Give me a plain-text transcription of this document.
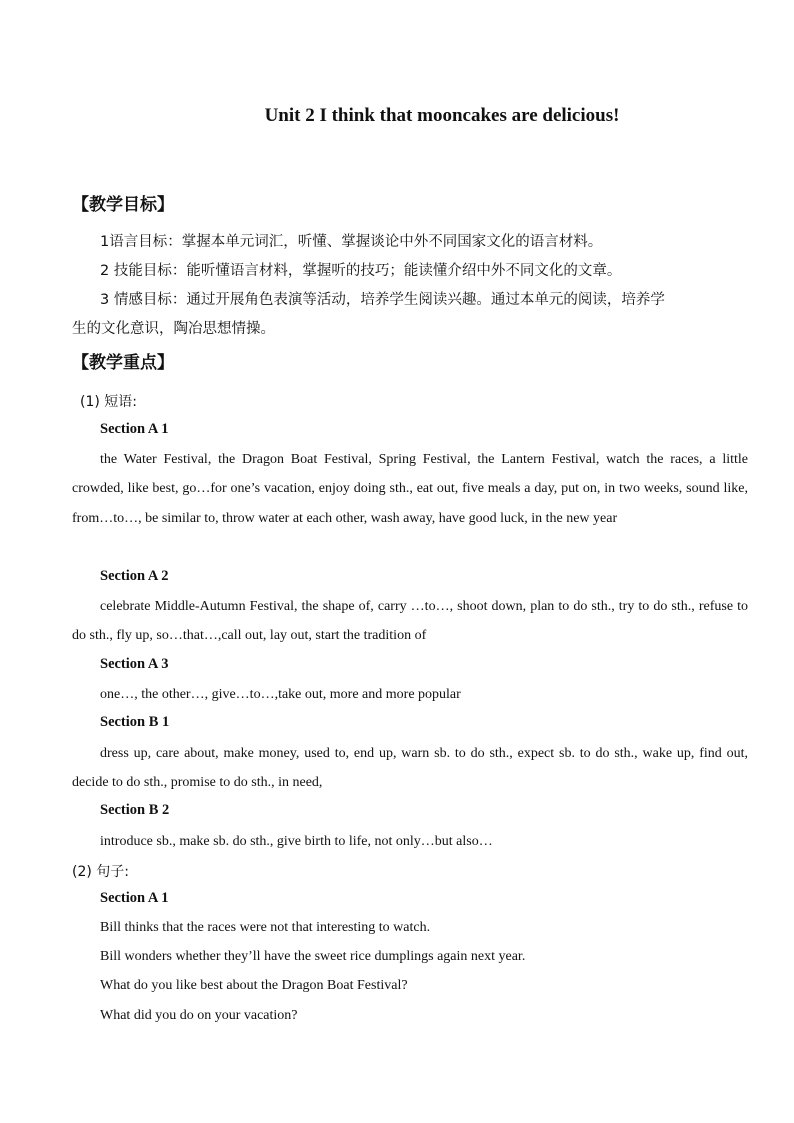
Unit 2 I think that mooncakes are delicious!
【教学目标】
1语言目标：掌握本单元词汇，听懂、掌握谈论中外不同国家文化的语言材料。
2 技能目标：能听懂语言材料，掌握听的技巧；能读懂介绍中外不同文化的文章。
3 情感目标：通过开展角色表演等活动，培养学生阅读兴趣。通过本单元的阅读，培养学
生的文化意识，陶冶思想情操。
【教学重点】
(1) 短语:
Section A 1
the Water Festival, the Dragon Boat Festival, Spring Festival, the Lantern Festival, watch the races, a little crowded, like best, go…for one’s vacation, enjoy doing sth., eat out, five meals a day, put on, in two weeks, sound like, from…to…, be similar to, throw water at each other, wash away, have good luck, in the new year
Section A 2
celebrate Middle-Autumn Festival, the shape of, carry …to…, shoot down, plan to do sth., try to do sth., refuse to do sth., fly up, so…that…,call out, lay out, start the tradition of
Section A 3
one…, the other…, give…to…,take out, more and more popular
Section B 1
dress up, care about, make money, used to, end up, warn sb. to do sth., expect sb. to do sth., wake up, find out, decide to do sth., promise to do sth., in need,
Section B 2
introduce sb., make sb. do sth., give birth to life, not only…but also…
(2) 句子:
Section A 1
Bill thinks that the races were not that interesting to watch.
Bill wonders whether they’ll have the sweet rice dumplings again next year.
What do you like best about the Dragon Boat Festival?
What did you do on your vacation?
